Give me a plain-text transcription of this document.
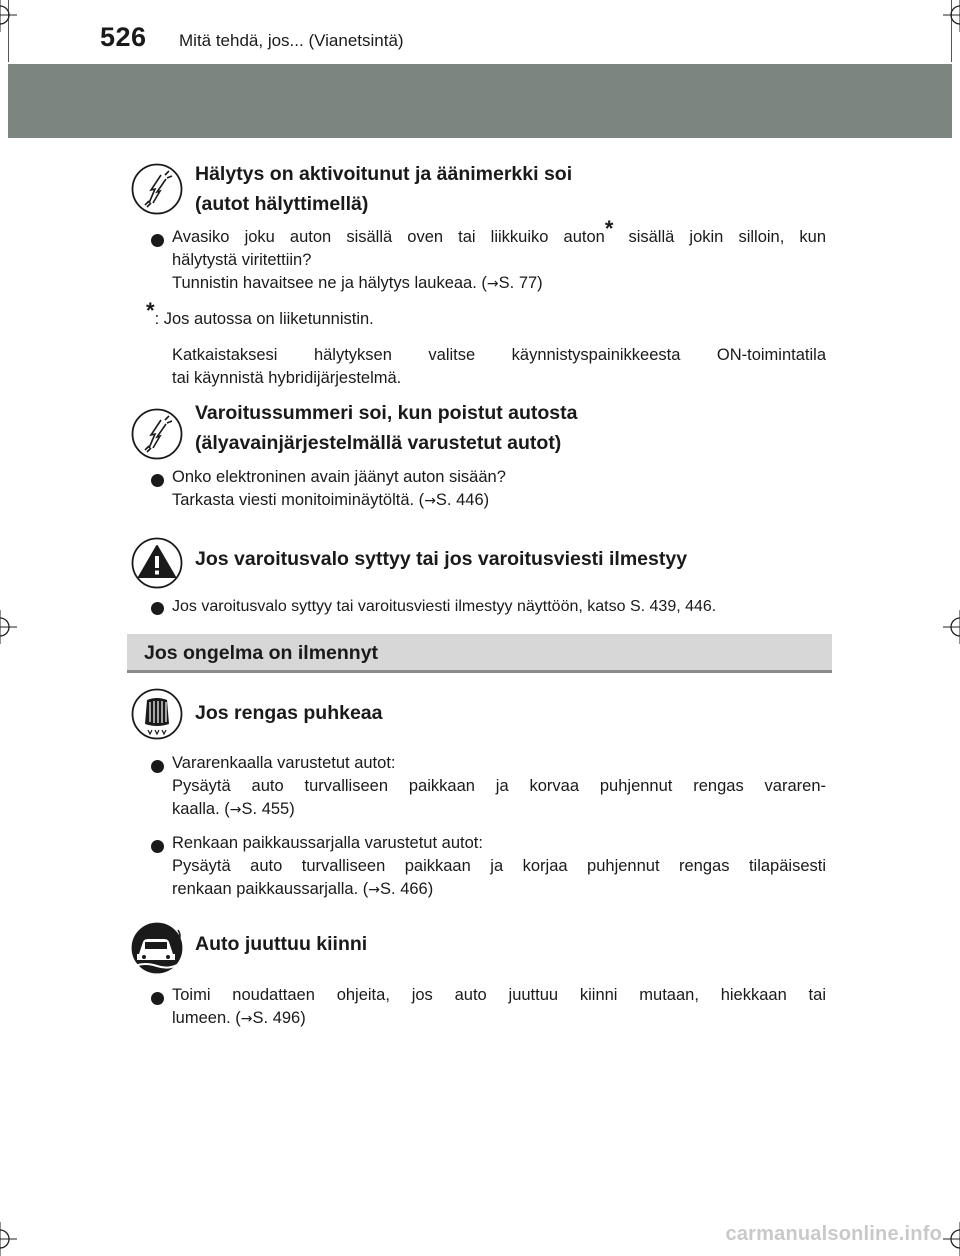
526 Mitä tehdä, jos... (Vianetsintä)
Hälytys on aktivoitunut ja äänimerkki soi
(autot hälyttimellä)
Avasiko joku auton sisällä oven tai liikkuiko auton* sisällä jokin silloin, kun
hälytystä viritettiin?
Tunnistin havaitsee ne ja hälytys laukeaa. (→S. 77)
*: Jos autossa on liiketunnistin.
Katkaistaksesi hälytyksen valitse käynnistyspainikkeesta ON-toimintatila
tai käynnistä hybridijärjestelmä.
Varoitussummeri soi, kun poistut autosta
(älyavainjärjestelmällä varustetut autot)
Onko elektroninen avain jäänyt auton sisään?
Tarkasta viesti monitoiminäytöltä. (→S. 446)
Jos varoitusvalo syttyy tai jos varoitusviesti ilmestyy
Jos varoitusvalo syttyy tai varoitusviesti ilmestyy näyttöön, katso S. 439, 446.
Jos ongelma on ilmennyt
Jos rengas puhkeaa
Vararenkaalla varustetut autot:
Pysäytä auto turvalliseen paikkaan ja korvaa puhjennut rengas vararen-
kaalla. (→S. 455)
Renkaan paikkaussarjalla varustetut autot:
Pysäytä auto turvalliseen paikkaan ja korjaa puhjennut rengas tilapäisesti
renkaan paikkaussarjalla. (→S. 466)
Auto juuttuu kiinni
Toimi noudattaen ohjeita, jos auto juuttuu kiinni mutaan, hiekkaan tai
lumeen. (→S. 496)
carmanualsonline.info
